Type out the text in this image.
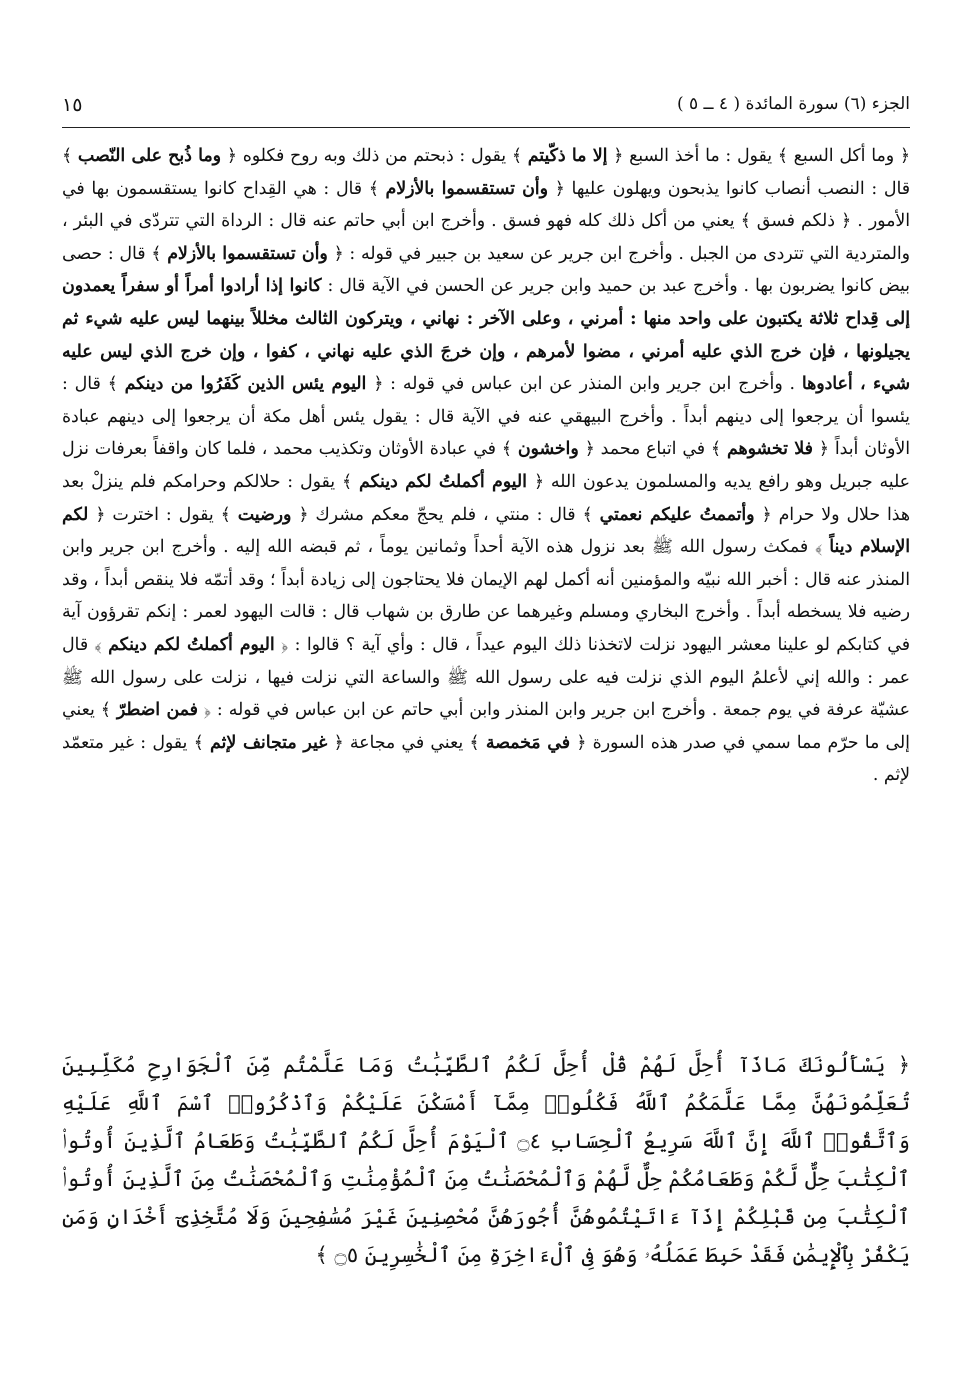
الجزء (٦) سورة المائدة ( ٤ ــ ٥ )
١٥

﴿ وما أكل السبع ﴾ يقول : ما أخذ السبع ﴿ إلا ما ذكّيتم ﴾ يقول : ذبحتم من ذلك وبه روح فكلوه ﴿ وما ذُبح على النّصب ﴾ قال : النصب أنصاب كانوا يذبحون ويهلون عليها ﴿ وأن تستقسموا بالأزلام ﴾ قال : هي القِداح كانوا يستقسمون بها في الأمور . ﴿ ذلكم فسق ﴾ يعني من أكل ذلك كله فهو فسق . وأخرج ابن أبي حاتم عنه قال : الرداة التي تتردّى في البئر ، والمتردية التي تتردى من الجبل . وأخرج ابن جرير عن سعيد بن جبير في قوله : ﴿ وأن تستقسموا بالأزلام ﴾ قال : حصى بيض كانوا يضربون بها . وأخرج عبد بن حميد وابن جرير عن الحسن في الآية قال : كانوا إذا أرادوا أمراً أو سفراً يعمدون إلى قِداح ثلاثة يكتبون على واحد منها : أمرني ، وعلى الآخر : نهاني ، ويتركون الثالث مخللاً بينهما ليس عليه شيء ثم يجيلونها ، فإن خرج الذي عليه أمرني ، مضوا لأمرهم ، وإن خرجَ الذي عليه نهاني ، كفوا ، وإن خرج الذي ليس عليه شيء ، أعادوها . وأخرج ابن جرير وابن المنذر عن ابن عباس في قوله : ﴿ اليوم يئس الذين كَفَرُوا من دينكم ﴾ قال : يئسوا أن يرجعوا إلى دينهم أبداً . وأخرج البيهقي عنه في الآية قال : يقول يئس أهل مكة أن يرجعوا إلى دينهم عبادة الأوثان أبداً ﴿ فلا تخشوهم ﴾ في اتباع محمد ﴿ واخشون ﴾ في عبادة الأوثان وتكذيب محمد ، فلما كان واقفاً بعرفات نزل عليه جبريل وهو رافع يديه والمسلمون يدعون الله ﴿ اليوم أكملتُ لكم دينكم ﴾ يقول : حلالكم وحرامكم فلم ينزلْ بعد هذا حلال ولا حرام ﴿ وأتممتُ عليكم نعمتي ﴾ قال : منتي ، فلم يحجّ معكم مشرك ﴿ ورضيت ﴾ يقول : اخترت ﴿ لكم الإسلام ديناً ﴾ فمكث رسول الله ﷺ بعد نزول هذه الآية أحداً وثمانين يوماً ، ثم قبضه الله إليه . وأخرج ابن جرير وابن المنذر عنه قال : أخبر الله نبيّه والمؤمنين أنه أكمل لهم الإيمان فلا يحتاجون إلى زيادة أبداً ؛ وقد أتمّه فلا ينقص أبداً ، وقد رضيه فلا يسخطه أبداً . وأخرج البخاري ومسلم وغيرهما عن طارق بن شهاب قال : قالت اليهود لعمر : إنكم تقرؤون آية في كتابكم لو علينا معشر اليهود نزلت لاتخذنا ذلك اليوم عيداً ، قال : وأي آية ؟ قالوا : ﴿ اليوم أكملتُ لكم دينكم ﴾ قال عمر : والله إني لأعلمُ اليوم الذي نزلت فيه على رسول الله ﷺ والساعة التي نزلت فيها ، نزلت على رسول الله ﷺ عشيّة عرفة في يوم جمعة . وأخرج ابن جرير وابن المنذر وابن أبي حاتم عن ابن عباس في قوله : ﴿ فمن اضطرّ ﴾ يعني إلى ما حرّم مما سمي في صدر هذه السورة ﴿ في مَخمصة ﴾ يعني في مجاعة ﴿ غير متجانف لإثم ﴾ يقول : غير متعمّد لإثم .

﴿ يَسْأَلُونَكَ مَاذَآ أُحِلَّ لَهُمْ قُلْ أُحِلَّ لَكُمُ ٱلطَّيِّبَٰتُ وَمَا عَلَّمْتُم مِّنَ ٱلْجَوَارِحِ مُكَلِّبِينَ تُعَلِّمُونَهُنَّ مِمَّا عَلَّمَكُمُ ٱللَّهُ فَكُلُوا۟ مِمَّآ أَمْسَكْنَ عَلَيْكُمْ وَٱذْكُرُوا۟ ٱسْمَ ٱللَّهِ عَلَيْهِ وَٱتَّقُوا۟ ٱللَّهَ إِنَّ ٱللَّهَ سَرِيعُ ٱلْحِسَابِ ۝٤ ٱلْيَوْمَ أُحِلَّ لَكُمُ ٱلطَّيِّبَٰتُ وَطَعَامُ ٱلَّذِينَ أُوتُوا۟ ٱلْكِتَٰبَ حِلٌّ لَّكُمْ وَطَعَامُكُمْ حِلٌّ لَّهُمْ وَٱلْمُحْصَنَٰتُ مِنَ ٱلْمُؤْمِنَٰتِ وَٱلْمُحْصَنَٰتُ مِنَ ٱلَّذِينَ أُوتُوا۟ ٱلْكِتَٰبَ مِن قَبْلِكُمْ إِذَآ ءَاتَيْتُمُوهُنَّ أُجُورَهُنَّ مُحْصِنِينَ غَيْرَ مُسَٰفِحِينَ وَلَا مُتَّخِذِىٓ أَخْدَانٍ وَمَن يَكْفُرْ بِٱلْإِيمَٰنِ فَقَدْ حَبِطَ عَمَلُهُۥ وَهُوَ فِى ٱلْءَاخِرَةِ مِنَ ٱلْخَٰسِرِينَ ۝٥ ﴾
